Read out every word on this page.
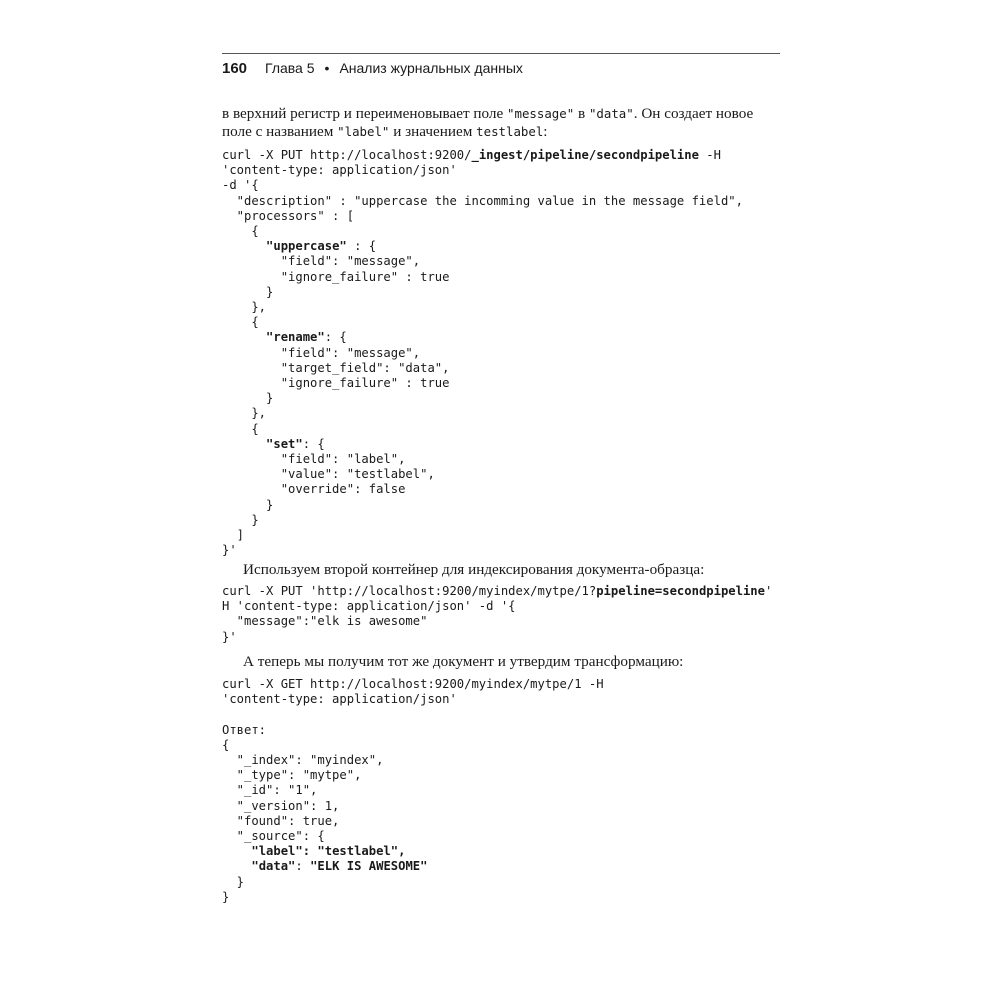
160 Глава 5 • Анализ журнальных данных
в верхний регистр и переименовывает поле "message" в "data". Он создает новое
поле с названием "label" и значением testlabel:
curl -X PUT http://localhost:9200/_ingest/pipeline/secondpipeline -H
'content-type: application/json'
-d '{
"description" : "uppercase the incomming value in the message field",
"processors" : [
{
"uppercase" : {
"field": "message",
"ignore_failure" : true
}
},
{
"rename": {
"field": "message",
"target_field": "data",
"ignore_failure" : true
}
},
{
"set": {
"field": "label",
"value": "testlabel",
"override": false
}
}
]
}'
Используем второй контейнер для индексирования документа-образца:
curl -X PUT 'http://localhost:9200/myindex/mytpe/1?pipeline=secondpipeline'
H 'content-type: application/json' -d '{
"message":"elk is awesome"
}'
А теперь мы получим тот же документ и утвердим трансформацию:
curl -X GET http://localhost:9200/myindex/mytpe/1 -H
'content-type: application/json'

Ответ:
{
"_index": "myindex",
"_type": "mytpe",
"_id": "1",
"_version": 1,
"found": true,
"_source": {
"label": "testlabel",
"data": "ELK IS AWESOME"
}
}
